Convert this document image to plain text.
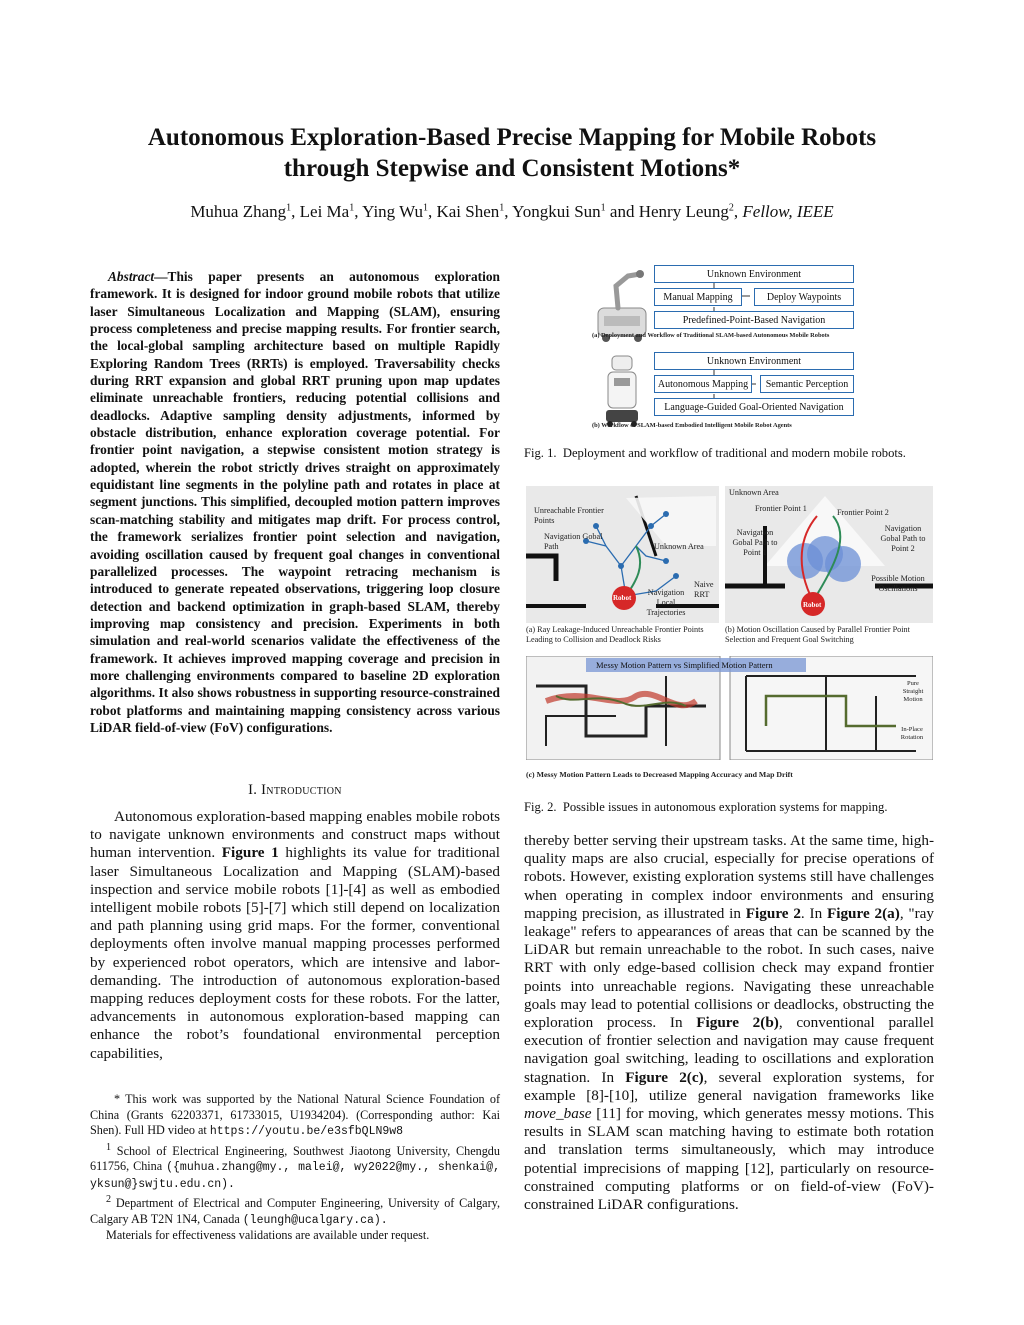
Autonomous Exploration-Based Precise Mapping for Mobile Robots
through Stepwise and Consistent Motions*
Muhua Zhang$^1$, Lei Ma$^1$, Ying Wu$^1$, Kai Shen$^1$, Yongkui Sun$^1$ and Henry Leung$^2$, Fellow, IEEE
Abstract—This paper presents an autonomous exploration framework. It is designed for indoor ground mobile robots that utilize laser Simultaneous Localization and Mapping (SLAM), ensuring process completeness and precise mapping results. For frontier search, the local-global sampling architecture based on multiple Rapidly Exploring Random Trees (RRTs) is employed. Traversability checks during RRT expansion and global RRT pruning upon map updates eliminate unreachable frontiers, reducing potential collisions and deadlocks. Adaptive sampling density adjustments, informed by obstacle distribution, enhance exploration coverage potential. For frontier point navigation, a stepwise consistent motion strategy is adopted, wherein the robot strictly drives straight on approximately equidistant line segments in the polyline path and rotates in place at segment junctions. This simplified, decoupled motion pattern improves scan-matching stability and mitigates map drift. For process control, the framework serializes frontier point selection and navigation, avoiding oscillation caused by frequent goal changes in conventional parallelized processes. The waypoint retracing mechanism is introduced to generate repeated observations, triggering loop closure detection and backend optimization in graph-based SLAM, thereby improving map consistency and precision. Experiments in both simulation and real-world scenarios validate the effectiveness of the framework. It achieves improved mapping coverage and precision in more challenging environments compared to baseline 2D exploration algorithms. It also shows robustness in supporting resource-constrained robot platforms and maintaining mapping consistency across various LiDAR field-of-view (FoV) configurations.
I. Introduction

Autonomous exploration-based mapping enables mobile robots to navigate unknown environments and construct maps without human intervention. Figure 1 highlights its value for traditional laser Simultaneous Localization and Mapping (SLAM)-based inspection and service mobile robots [1]-[4] as well as embodied intelligent mobile robots [5]-[7] which still depend on localization and path planning using grid maps. For the former, conventional deployments often involve manual mapping processes performed by experienced robot operators, which are intensive and labor-demanding. The introduction of autonomous exploration-based mapping reduces deployment costs for these robots. For the latter, advancements in autonomous exploration-based mapping can enhance the robot’s foundational environmental perception capabilities,

* This work was supported by the National Natural Science Foundation of China (Grants 62203371, 61733015, U1934204). (Corresponding author: Kai Shen). Full HD video at https://youtu.be/e3sfbQLN9w8

$^1$ School of Electrical Engineering, Southwest Jiaotong University, Chengdu 611756, China ({muhua.zhang@my., malei@, wy2022@my., shenkai@, yksun@}swjtu.edu.cn).

$^2$ Department of Electrical and Computer Engineering, University of Calgary, Calgary AB T2N 1N4, Canada (leungh@ucalgary.ca).

Materials for effectiveness validations are available under request.

Unknown Environment
Manual Mapping	Deploy Waypoints
Predefined-Point-Based Navigation
(a) Deployment and Workflow of Traditional SLAM-based Autonomous Mobile Robots
Unknown Environment
Autonomous Mapping	Semantic Perception
Language-Guided Goal-Oriented Navigation
(b) Workflow of SLAM-based Embodied Intelligent Mobile Robot Agents
Fig. 1. Deployment and workflow of traditional and modern mobile robots.
Unreachable Frontier Points
Navigation Gobal Path	Unknown Area
Robot
Navigation Local Trajectories
Naive RRT
(a) Ray Leakage-Induced Unreachable Frontier Points Leading to Collision and Deadlock Risks
Unknown Area
Frontier Point 1	Frontier Point 2
Navigation Gobal Path to Point 1
Navigation Gobal Path to Point 2
Possible Motion Oscillations
Robot
(b) Motion Oscillation Caused by Parallel Frontier Point Selection and Frequent Goal Switching
Messy Motion Pattern vs Simplified Motion Pattern
Pure Straight Motion
In-Place Rotation
(c) Messy Motion Pattern Leads to Decreased Mapping Accuracy and Map Drift
Fig. 2. Possible issues in autonomous exploration systems for mapping.

thereby better serving their upstream tasks. At the same time, high-quality maps are also crucial, especially for precise operations of robots. However, existing exploration systems still have challenges when operating in complex indoor environments and ensuring mapping precision, as illustrated in Figure 2. In Figure 2(a), "ray leakage" refers to appearances of areas that can be scanned by the LiDAR but remain unreachable to the robot. In such cases, naive RRT with only edge-based collision check may expand frontier points into unreachable regions. Navigating these unreachable goals may lead to potential collisions or deadlocks, obstructing the exploration process. In Figure 2(b), conventional parallel execution of frontier selection and navigation may cause frequent navigation goal switching, leading to oscillations and exploration stagnation. In Figure 2(c), several exploration systems, for example [8]-[10], utilize general navigation frameworks like move_base [11] for moving, which generates messy motions. This results in SLAM scan matching having to estimate both rotation and translation terms simultaneously, which may introduce potential imprecisions of mapping [12], particularly on resource-constrained computing platforms or on field-of-view (FoV)-constrained LiDAR configurations.
